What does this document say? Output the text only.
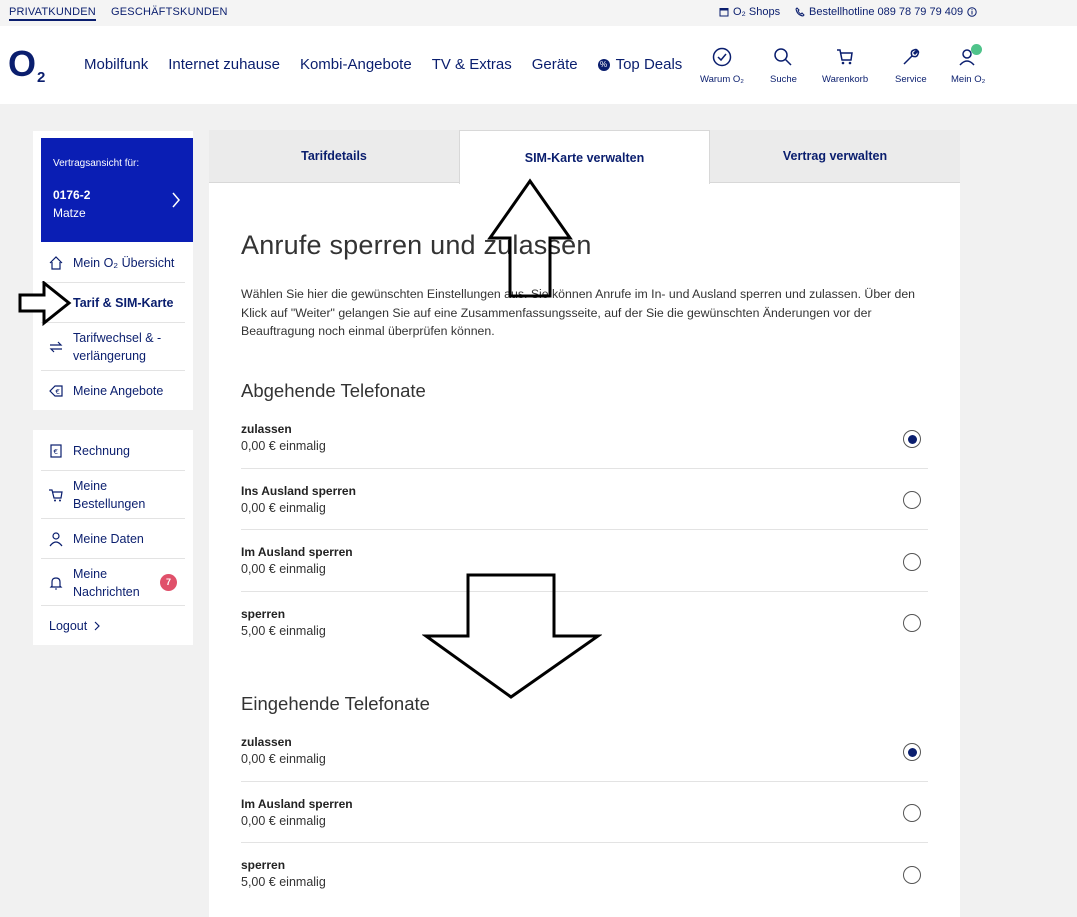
PRIVATKUNDEN GESCHÄFTSKUNDEN	O₂ Shops	Bestellhotline 089 78 79 79 409
$O_2$
Mobilfunk Internet zuhause Kombi-Angebote TV & Extras Geräte	% Top Deals
Warum O₂	Suche	Warenkorb	Service	Mein O₂
Vertragsansicht für:
0176-2
Matze
Mein O₂ Übersicht
Tarif & SIM-Karte
Tarifwechsel & -verlängerung
€ Meine Angebote
€ Rechnung
Meine Bestellungen
Meine Daten
Meine Nachrichten
7
Logout
Tarifdetails	SIM-Karte verwalten	Vertrag verwalten
Anrufe sperren und zulassen

Wählen Sie hier die gewünschten Einstellungen aus. Sie können Anrufe im In- und Ausland sperren und zulassen. Über den Klick auf "Weiter" gelangen Sie auf eine Zusammenfassungsseite, auf der Sie die gewünschten Änderungen vor der Beauftragung noch einmal überprüfen können.

Abgehende Telefonate
zulassen
0,00 € einmalig
Ins Ausland sperren
0,00 € einmalig
Im Ausland sperren
0,00 € einmalig
sperren
5,00 € einmalig
Eingehende Telefonate
zulassen
0,00 € einmalig
Im Ausland sperren
0,00 € einmalig
sperren
5,00 € einmalig
